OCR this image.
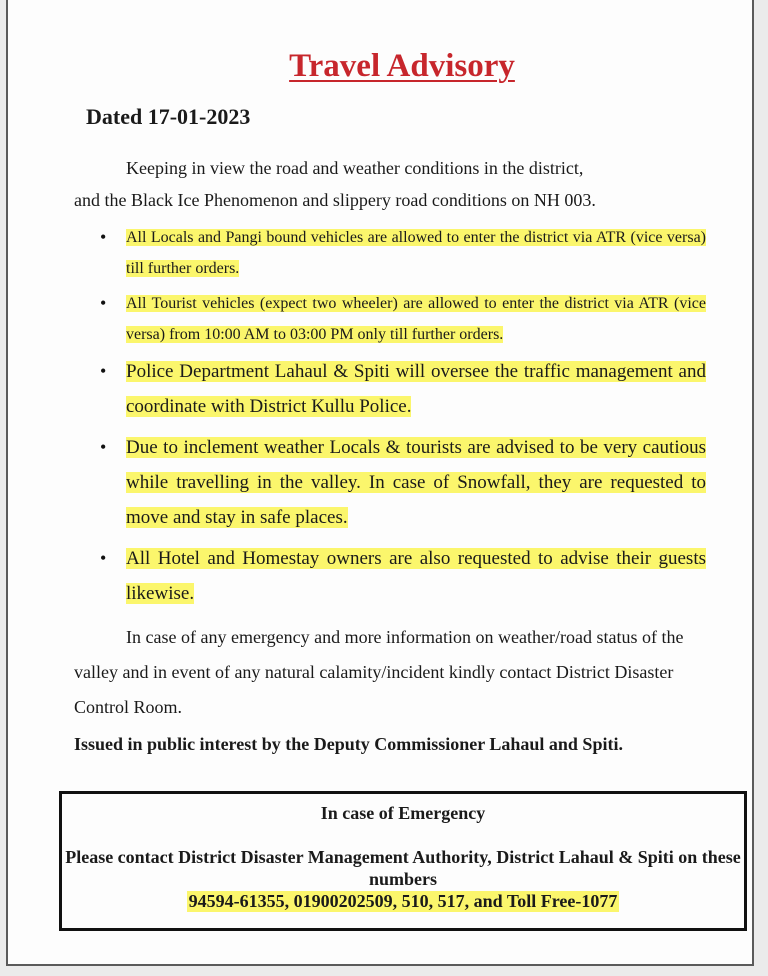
Travel Advisory

Dated 17-01-2023

Keeping in view the road and weather conditions in the district,
and the Black Ice Phenomenon and slippery road conditions on NH 003.

• All Locals and Pangi bound vehicles are allowed to enter the district via ATR (vice versa) till further orders.
• All Tourist vehicles (expect two wheeler) are allowed to enter the district via ATR (vice versa) from 10:00 AM to 03:00 PM only till further orders.
• Police Department Lahaul & Spiti will oversee the traffic management and coordinate with District Kullu Police.
• Due to inclement weather Locals & tourists are advised to be very cautious while travelling in the valley. In case of Snowfall, they are requested to move and stay in safe places.
• All Hotel and Homestay owners are also requested to advise their guests likewise.

In case of any emergency and more information on weather/road status of the valley and in event of any natural calamity/incident kindly contact District Disaster Control Room.

Issued in public interest by the Deputy Commissioner Lahaul and Spiti.

In case of Emergency

Please contact District Disaster Management Authority, District Lahaul & Spiti on these numbers

94594-61355, 01900202509, 510, 517, and Toll Free-1077
